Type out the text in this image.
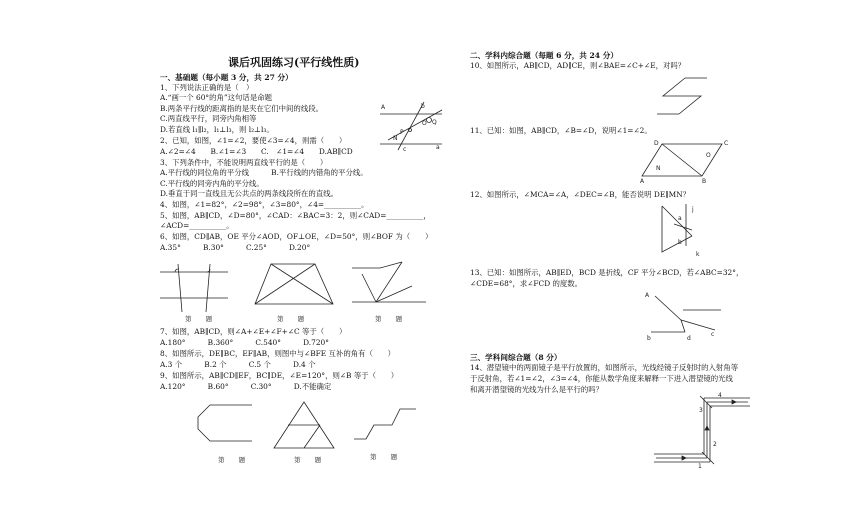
课后巩固练习(平行线性质)
一、基础题（每小题 3 分，共 27 分）
1、下列说法正确的是（　）
A.“画一个 60°的角”这句话是命题
B.两条平行线的距离指的是夹在它们中间的线段。
C.两直线平行，同旁内角相等
D.若直线 l₁∥l₂，l₁⊥l₃，则 l₂⊥l₃。
2、已知，如图，∠1=∠2，要使∠3=∠4，则需（　　）
A.∠2=∠4　　B.∠1=∠3　　C.　∠1=∠4　　D.AB∥CD
3、下列条件中，不能说明两直线平行的是（　　）
A.平行线的同位角的平分线　　　B.平行线的内错角的平分线。
C.平行线的同旁内角的平分线。
D.垂直于同一直线且无公共点的两条线段所在的直线。
4、如图，∠1=82°，∠2=98°，∠3=80°，∠4=__________。
5、如图，AB∥CD，∠D=80°，∠CAD：∠BAC=3：2，则∠CAD=__________，
∠ACD=__________。
6、如图，CD∥AB，OE 平分∠AOD，OF⊥OE，∠D=50°，则∠BOF 为（　　）
A.35°　　　B.30°　　　C.25°　　　D.20°
A	b
a
c
N
O
P
Q
第 题	第 题	第 题
7、如图，AB∥CD，则∠A+∠E+∠F+∠C 等于（　　）
A.180°　　　B.360°　　　C.540°　　　D.720°
8、如图所示，DE∥BC，EF∥AB，则图中与∠BFE 互补的角有（　　）
A.3 个　　　B.2 个　　　C.5 个　　　D.4 个
9、如图所示，AB∥CD∥EF，BC∥DE，∠E=120°，则∠B 等于（　　）
A.120°　　　B.60°　　　C.30°　　　D.不能确定
第 题	第 题	第 题
二、学科内综合题（每题 6 分，共 24 分）
10、如图所示，AB∥CD，AD∥CE，则∠BAE=∠C+∠E，对吗？
11、已知：如图，AB∥CD，∠B=∠D，说明∠1=∠2。
D	C
A	B
N
O
12、如图所示，∠MCA=∠A，∠DEC=∠B，能否说明 DE∥MN？
a
b
k
j
13、已知：如图所示，AB∥ED，BCD 是折线，CF 平分∠BCD，若∠ABC=32°，
∠CDE=68°，求∠FCD 的度数。
A
b	d
c
三、学科间综合题（8 分）
14、潜望镜中的两面镜子是平行放置的，如图所示，光线经镜子反射时的入射角等
于反射角，若∠1=∠2，∠3=∠4，你能从数学角度来解释一下进入潜望镜的光线
和离开潜望镜的光线为什么是平行的吗？
4
3
2
1
